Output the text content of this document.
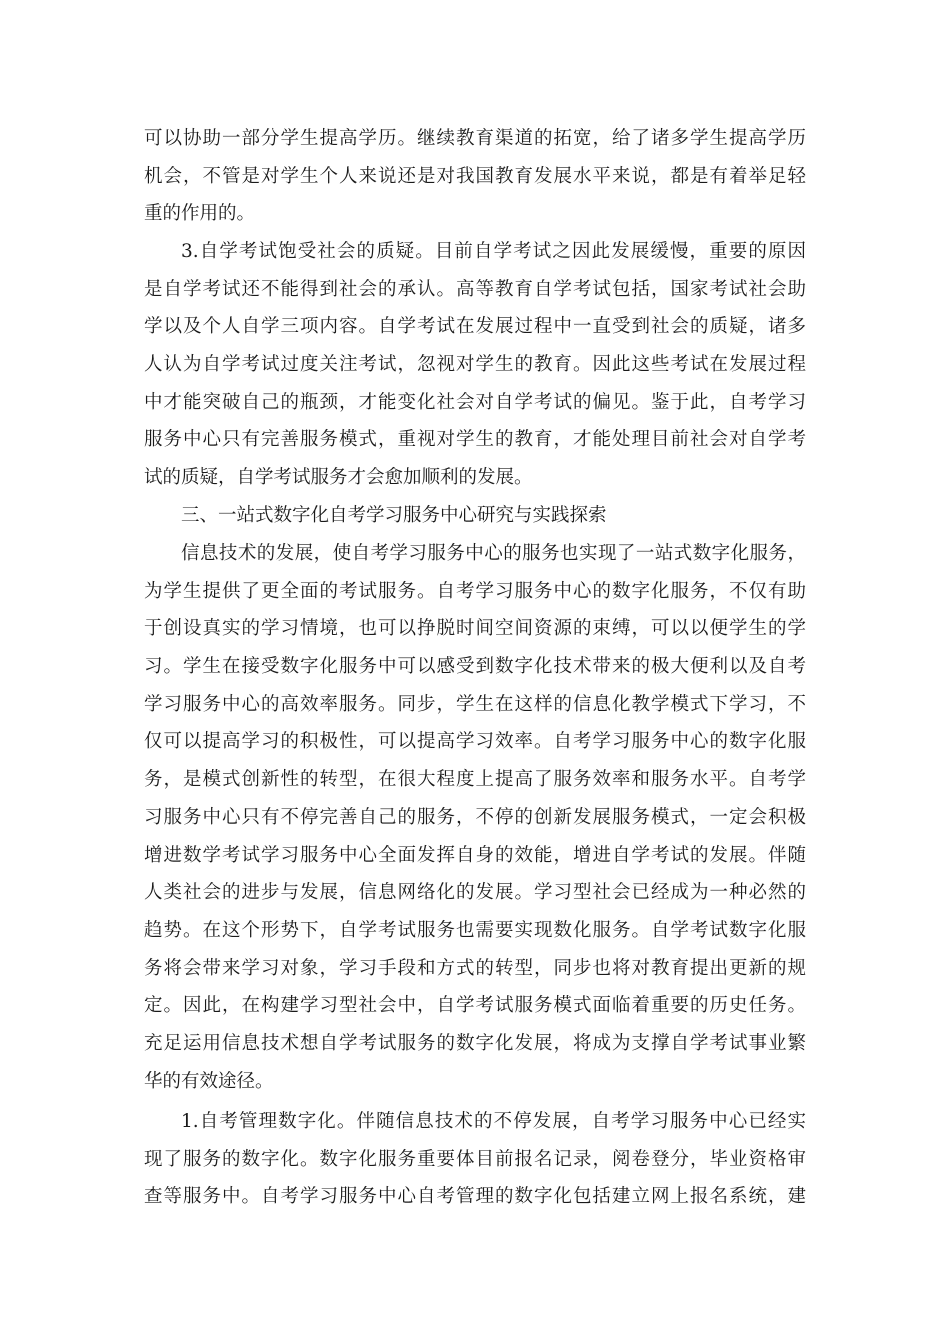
可以协助一部分学生提高学历。继续教育渠道的拓宽，给了诸多学生提高学历
机会，不管是对学生个人来说还是对我国教育发展水平来说，都是有着举足轻
重的作用的。
3.自学考试饱受社会的质疑。目前自学考试之因此发展缓慢，重要的原因
是自学考试还不能得到社会的承认。高等教育自学考试包括，国家考试社会助
学以及个人自学三项内容。自学考试在发展过程中一直受到社会的质疑，诸多
人认为自学考试过度关注考试，忽视对学生的教育。因此这些考试在发展过程
中才能突破自己的瓶颈，才能变化社会对自学考试的偏见。鉴于此，自考学习
服务中心只有完善服务模式，重视对学生的教育，才能处理目前社会对自学考
试的质疑，自学考试服务才会愈加顺利的发展。
三、一站式数字化自考学习服务中心研究与实践探索
信息技术的发展，使自考学习服务中心的服务也实现了一站式数字化服务，
为学生提供了更全面的考试服务。自考学习服务中心的数字化服务，不仅有助
于创设真实的学习情境，也可以挣脱时间空间资源的束缚，可以以便学生的学
习。学生在接受数字化服务中可以感受到数字化技术带来的极大便利以及自考
学习服务中心的高效率服务。同步，学生在这样的信息化教学模式下学习，不
仅可以提高学习的积极性，可以提高学习效率。自考学习服务中心的数字化服
务，是模式创新性的转型，在很大程度上提高了服务效率和服务水平。自考学
习服务中心只有不停完善自己的服务，不停的创新发展服务模式，一定会积极
增进数学考试学习服务中心全面发挥自身的效能，增进自学考试的发展。伴随
人类社会的进步与发展，信息网络化的发展。学习型社会已经成为一种必然的
趋势。在这个形势下，自学考试服务也需要实现数化服务。自学考试数字化服
务将会带来学习对象，学习手段和方式的转型，同步也将对教育提出更新的规
定。因此，在构建学习型社会中，自学考试服务模式面临着重要的历史任务。
充足运用信息技术想自学考试服务的数字化发展，将成为支撑自学考试事业繁
华的有效途径。
1.自考管理数字化。伴随信息技术的不停发展，自考学习服务中心已经实
现了服务的数字化。数字化服务重要体目前报名记录，阅卷登分，毕业资格审
查等服务中。自考学习服务中心自考管理的数字化包括建立网上报名系统，建
